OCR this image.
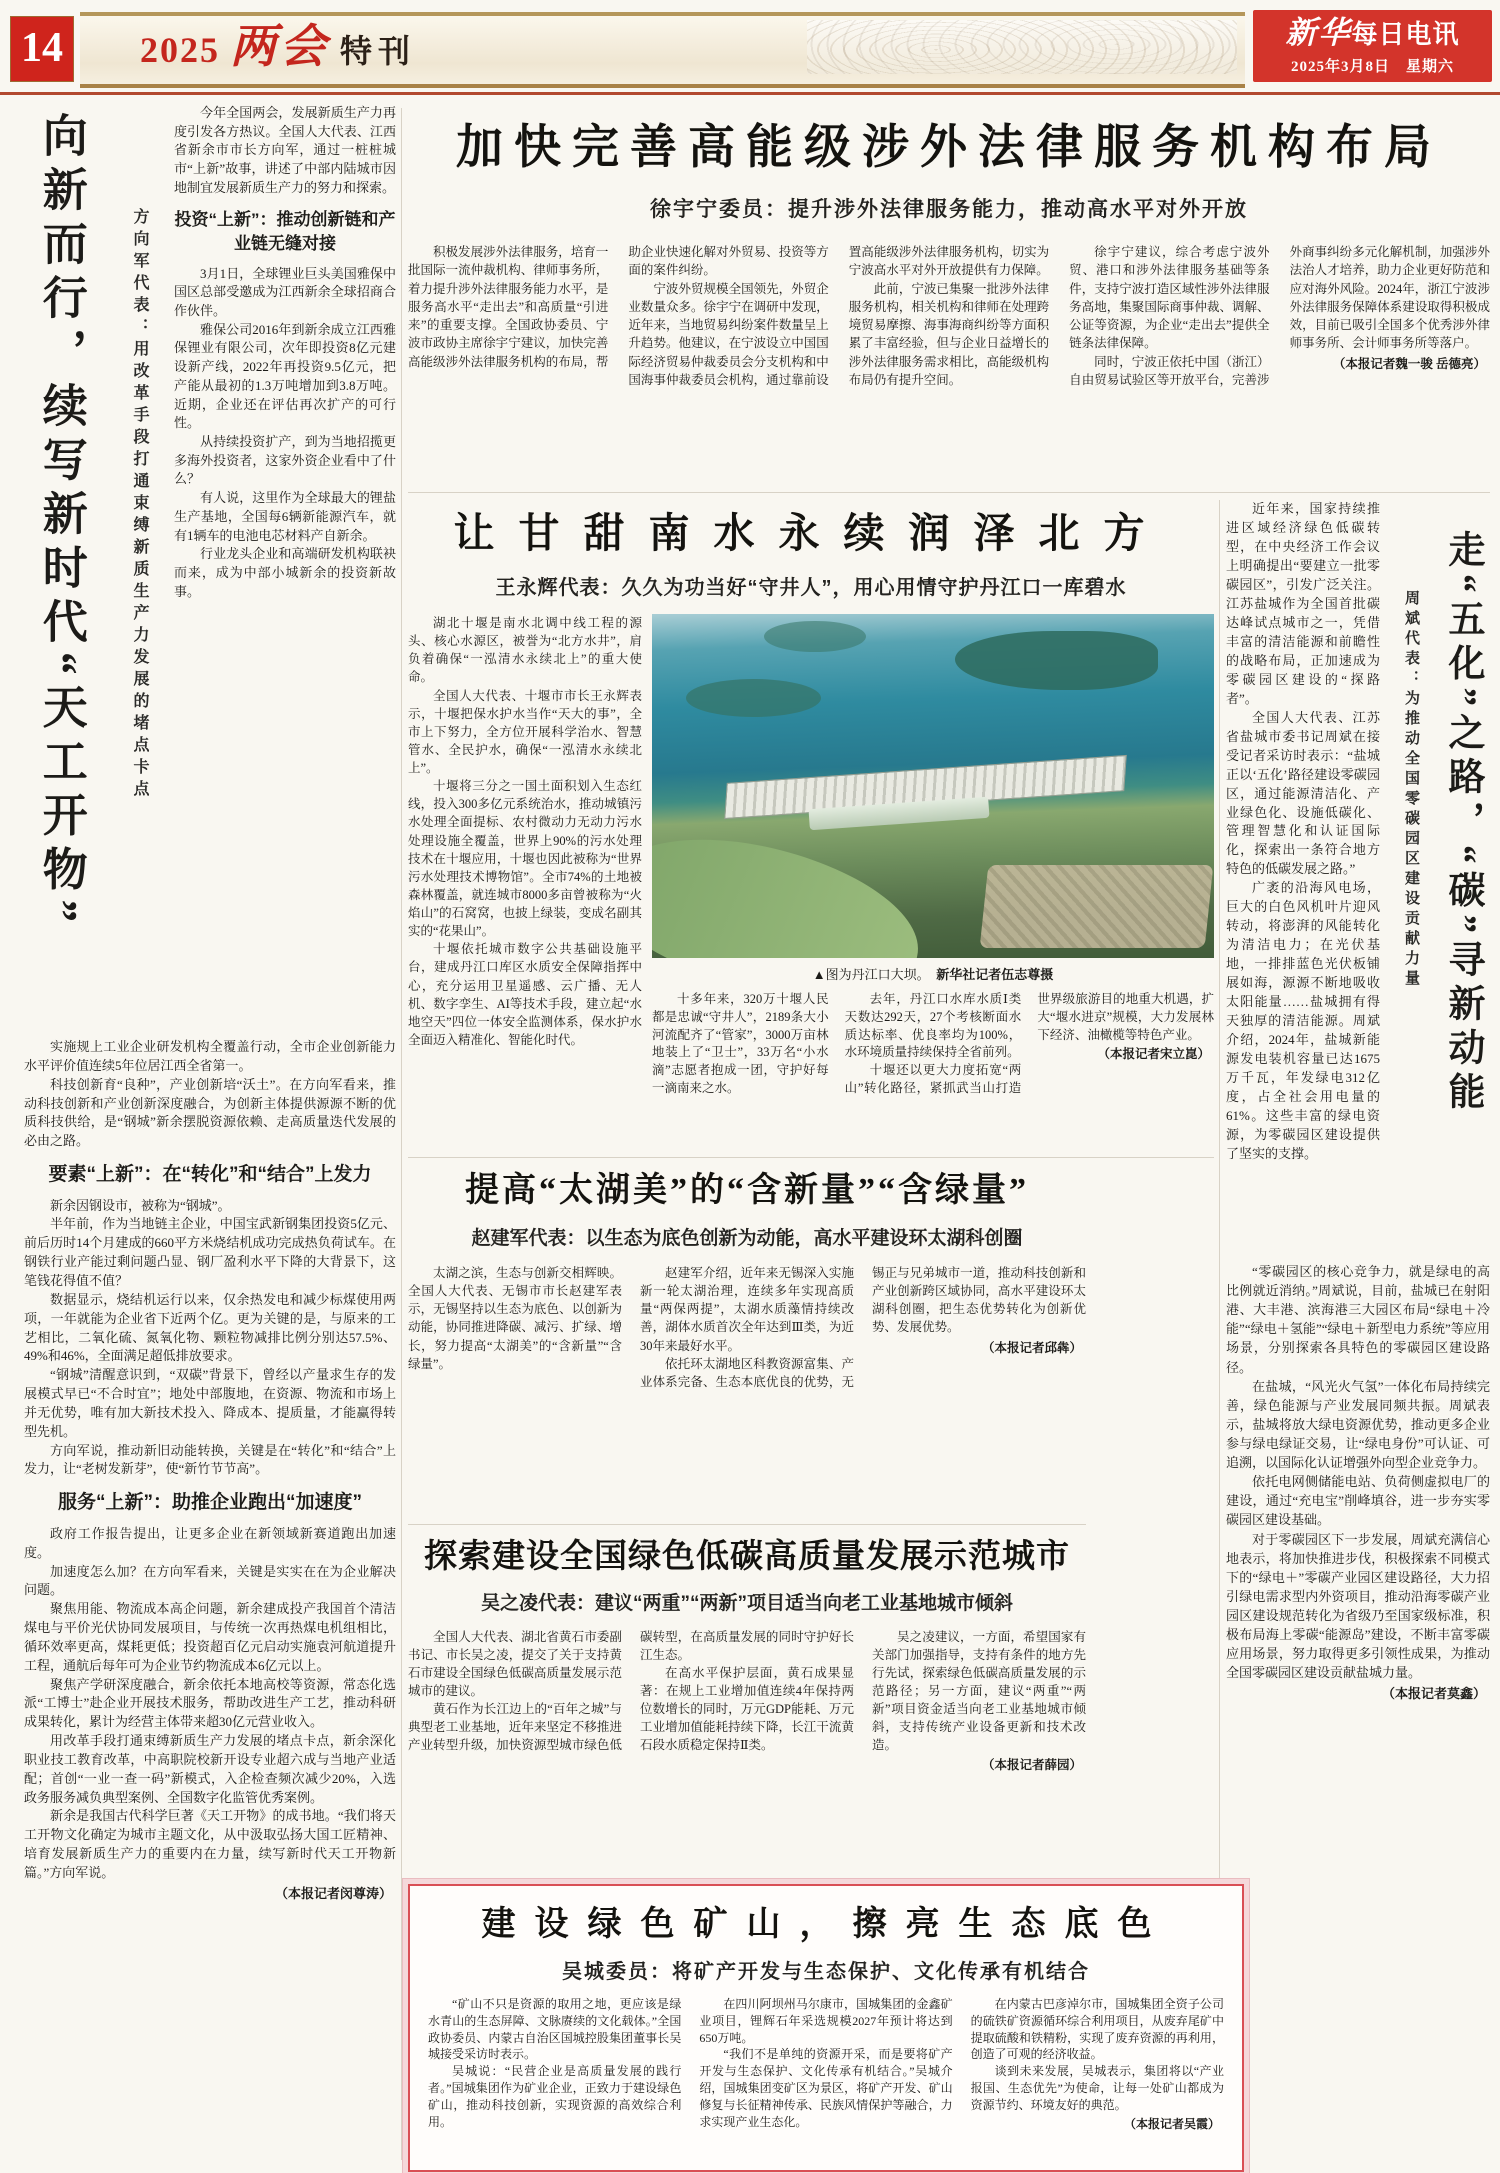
14	2025 两会 特刊
新华每日电讯
2025年3月8日　 星期六
向新而行，续写新时代“天工开物”	方向军代表：用改革手段打通束缚新质生产力发展的堵点卡点

今年全国两会，发展新质生产力再度引发各方热议。全国人大代表、江西省新余市市长方向军，通过一桩桩城市“上新”故事，讲述了中部内陆城市因地制宜发展新质生产力的努力和探索。

投资“上新”：推动创新链和产业链无缝对接

3月1日，全球锂业巨头美国雅保中国区总部受邀成为江西新余全球招商合作伙伴。

雅保公司2016年到新余成立江西雅保锂业有限公司，次年即投资8亿元建设新产线，2022年再投资9.5亿元，把产能从最初的1.3万吨增加到3.8万吨。近期，企业还在评估再次扩产的可行性。

从持续投资扩产，到为当地招揽更多海外投资者，这家外资企业看中了什么？

有人说，这里作为全球最大的锂盐生产基地，全国每6辆新能源汽车，就有1辆车的电池电芯材料产自新余。

行业龙头企业和高端研发机构联袂而来，成为中部小城新余的投资新故事。

实施规上工业企业研发机构全覆盖行动，全市企业创新能力水平评价值连续5年位居江西全省第一。

科技创新育“良种”，产业创新培“沃土”。在方向军看来，推动科技创新和产业创新深度融合，为创新主体提供源源不断的优质科技供给，是“钢城”新余摆脱资源依赖、走高质量迭代发展的必由之路。

要素“上新”：在“转化”和“结合”上发力

新余因钢设市，被称为“钢城”。

半年前，作为当地链主企业，中国宝武新钢集团投资5亿元、前后历时14个月建成的660平方米烧结机成功完成热负荷试车。在钢铁行业产能过剩问题凸显、钢厂盈利水平下降的大背景下，这笔钱花得值不值？

数据显示，烧结机运行以来，仅余热发电和减少标煤使用两项，一年就能为企业省下近两个亿。更为关键的是，与原来的工艺相比，二氧化硫、氮氧化物、颗粒物减排比例分别达57.5%、49%和46%，全面满足超低排放要求。

“钢城”清醒意识到，“双碳”背景下，曾经以产量求生存的发展模式早已“不合时宜”；地处中部腹地，在资源、物流和市场上并无优势，唯有加大新技术投入、降成本、提质量，才能赢得转型先机。

方向军说，推动新旧动能转换，关键是在“转化”和“结合”上发力，让“老树发新芽”，使“新竹节节高”。

服务“上新”：助推企业跑出“加速度”

政府工作报告提出，让更多企业在新领域新赛道跑出加速度。

加速度怎么加？在方向军看来，关键是实实在在为企业解决问题。

聚焦用能、物流成本高企问题，新余建成投产我国首个清洁煤电与平价光伏协同发展项目，与传统一次再热煤电机组相比，循环效率更高，煤耗更低；投资超百亿元启动实施袁河航道提升工程，通航后每年可为企业节约物流成本6亿元以上。

聚焦产学研深度融合，新余依托本地高校等资源，常态化选派“工博士”赴企业开展技术服务，帮助改进生产工艺，推动科研成果转化，累计为经营主体带来超30亿元营业收入。

用改革手段打通束缚新质生产力发展的堵点卡点，新余深化职业技工教育改革，中高职院校新开设专业超六成与当地产业适配；首创“一业一查一码”新模式，入企检查频次减少20%，入选政务服务减负典型案例、全国数字化监管优秀案例。

新余是我国古代科学巨著《天工开物》的成书地。“我们将天工开物文化确定为城市主题文化，从中汲取弘扬大国工匠精神、培育发展新质生产力的重要内在力量，续写新时代天工开物新篇。”方向军说。

（本报记者闵尊涛）
加快完善高能级涉外法律服务机构布局
徐宇宁委员：提升涉外法律服务能力，推动高水平对外开放

积极发展涉外法律服务，培育一批国际一流仲裁机构、律师事务所，着力提升涉外法律服务能力水平，是服务高水平“走出去”和高质量“引进来”的重要支撑。全国政协委员、宁波市政协主席徐宇宁建议，加快完善高能级涉外法律服务机构的布局，帮助企业快速化解对外贸易、投资等方面的案件纠纷。

宁波外贸规模全国领先，外贸企业数量众多。徐宇宁在调研中发现，近年来，当地贸易纠纷案件数量呈上升趋势。他建议，在宁波设立中国国际经济贸易仲裁委员会分支机构和中国海事仲裁委员会机构，通过靠前设置高能级涉外法律服务机构，切实为宁波高水平对外开放提供有力保障。

此前，宁波已集聚一批涉外法律服务机构，相关机构和律师在处理跨境贸易摩擦、海事海商纠纷等方面积累了丰富经验，但与企业日益增长的涉外法律服务需求相比，高能级机构布局仍有提升空间。

徐宇宁建议，综合考虑宁波外贸、港口和涉外法律服务基础等条件，支持宁波打造区域性涉外法律服务高地，集聚国际商事仲裁、调解、公证等资源，为企业“走出去”提供全链条法律保障。

同时，宁波正依托中国（浙江）自由贸易试验区等开放平台，完善涉外商事纠纷多元化解机制，加强涉外法治人才培养，助力企业更好防范和应对海外风险。2024年，浙江宁波涉外法律服务保障体系建设取得积极成效，目前已吸引全国多个优秀涉外律师事务所、会计师事务所等落户。

（本报记者魏一骏 岳德亮）
让甘甜南水永续润泽北方
王永辉代表：久久为功当好“守井人”，用心用情守护丹江口一库碧水

湖北十堰是南水北调中线工程的源头、核心水源区，被誉为“北方水井”，肩负着确保“一泓清水永续北上”的重大使命。

全国人大代表、十堰市市长王永辉表示，十堰把保水护水当作“天大的事”，全市上下努力，全方位开展科学治水、智慧管水、全民护水，确保“一泓清水永续北上”。

十堰将三分之一国土面积划入生态红线，投入300多亿元系统治水，推动城镇污水处理全面提标、农村微动力无动力污水处理设施全覆盖，世界上90%的污水处理技术在十堰应用，十堰也因此被称为“世界污水处理技术博物馆”。全市74%的土地被森林覆盖，就连城市8000多亩曾被称为“火焰山”的石窝窝，也披上绿装，变成名副其实的“花果山”。

十堰依托城市数字公共基础设施平台，建成丹江口库区水质安全保障指挥中心，充分运用卫星遥感、云广播、无人机、数字孪生、AI等技术手段，建立起“水地空天”四位一体安全监测体系，保水护水全面迈入精准化、智能化时代。

▲图为丹江口大坝。　 新华社记者伍志尊摄

十多年来，320万十堰人民都是忠诚“守井人”，2189条大小河流配齐了“管家”，3000万亩林地装上了“卫士”，33万名“小水滴”志愿者抱成一团，守护好每一滴南来之水。

去年，丹江口水库水质Ⅰ类天数达292天，27个考核断面水质达标率、优良率均为100%，水环境质量持续保持全省前列。

十堰还以更大力度拓宽“两山”转化路径，紧抓武当山打造世界级旅游目的地重大机遇，扩大“堰水进京”规模，大力发展林下经济、油橄榄等特色产业。

（本报记者宋立崑）
提高“太湖美”的“含新量”“含绿量”
赵建军代表：以生态为底色创新为动能，高水平建设环太湖科创圈

太湖之滨，生态与创新交相辉映。全国人大代表、无锡市市长赵建军表示，无锡坚持以生态为底色、以创新为动能，协同推进降碳、减污、扩绿、增长，努力提高“太湖美”的“含新量”“含绿量”。

赵建军介绍，近年来无锡深入实施新一轮太湖治理，连续多年实现高质量“两保两提”，太湖水质藻情持续改善，湖体水质首次全年达到Ⅲ类，为近30年来最好水平。

依托环太湖地区科教资源富集、产业体系完备、生态本底优良的优势，无锡正与兄弟城市一道，推动科技创新和产业创新跨区域协同，高水平建设环太湖科创圈，把生态优势转化为创新优势、发展优势。

（本报记者邱犇）
探索建设全国绿色低碳高质量发展示范城市
吴之凌代表：建议“两重”“两新”项目适当向老工业基地城市倾斜

全国人大代表、湖北省黄石市委副书记、市长吴之凌，提交了关于支持黄石市建设全国绿色低碳高质量发展示范城市的建议。

黄石作为长江边上的“百年之城”与典型老工业基地，近年来坚定不移推进产业转型升级，加快资源型城市绿色低碳转型，在高质量发展的同时守护好长江生态。

在高水平保护层面，黄石成果显著：在规上工业增加值连续4年保持两位数增长的同时，万元GDP能耗、万元工业增加值能耗持续下降，长江干流黄石段水质稳定保持Ⅱ类。

吴之凌建议，一方面，希望国家有关部门加强指导，支持有条件的地方先行先试，探索绿色低碳高质量发展的示范路径；另一方面，建议“两重”“两新”项目资金适当向老工业基地城市倾斜，支持传统产业设备更新和技术改造。

（本报记者薛园）
建设绿色矿山，擦亮生态底色
吴城委员：将矿产开发与生态保护、文化传承有机结合

“矿山不只是资源的取用之地，更应该是绿水青山的生态屏障、文脉赓续的文化载体。”全国政协委员、内蒙古自治区国城控股集团董事长吴城接受采访时表示。

吴城说：“民营企业是高质量发展的践行者。”国城集团作为矿业企业，正致力于建设绿色矿山，推动科技创新，实现资源的高效综合利用。

在四川阿坝州马尔康市，国城集团的金鑫矿业项目，锂辉石年采选规模2027年预计将达到650万吨。

“我们不是单纯的资源开采，而是要将矿产开发与生态保护、文化传承有机结合。”吴城介绍，国城集团变矿区为景区，将矿产开发、矿山修复与长征精神传承、民族风情保护等融合，力求实现产业生态化。

在内蒙古巴彦淖尔市，国城集团全资子公司的硫铁矿资源循环综合利用项目，从废弃尾矿中提取硫酸和铁精粉，实现了废弃资源的再利用，创造了可观的经济收益。

谈到未来发展，吴城表示，集团将以“产业报国、生态优先”为使命，让每一处矿山都成为资源节约、环境友好的典范。

（本报记者吴霞）

近年来，国家持续推进区域经济绿色低碳转型，在中央经济工作会议上明确提出“要建立一批零碳园区”，引发广泛关注。江苏盐城作为全国首批碳达峰试点城市之一，凭借丰富的清洁能源和前瞻性的战略布局，正加速成为零碳园区建设的“探路者”。

全国人大代表、江苏省盐城市委书记周斌在接受记者采访时表示：“盐城正以‘五化’路径建设零碳园区，通过能源清洁化、产业绿色化、设施低碳化、管理智慧化和认证国际化，探索出一条符合地方特色的低碳发展之路。”

广袤的沿海风电场，巨大的白色风机叶片迎风转动，将澎湃的风能转化为清洁电力；在光伏基地，一排排蓝色光伏板铺展如海，源源不断地吸收太阳能量……盐城拥有得天独厚的清洁能源。周斌介绍，2024年，盐城新能源发电装机容量已达1675万千瓦，年发绿电312亿度，占全社会用电量的61%。这些丰富的绿电资源，为零碳园区建设提供了坚实的支撑。

走“五化”之路，“碳”寻新动能
周斌代表：为推动全国零碳园区建设贡献力量

“零碳园区的核心竞争力，就是绿电的高比例就近消纳。”周斌说，目前，盐城已在射阳港、大丰港、滨海港三大园区布局“绿电＋冷能”“绿电＋氢能”“绿电＋新型电力系统”等应用场景，分别探索各具特色的零碳园区建设路径。

在盐城，“风光火气氢”一体化布局持续完善，绿色能源与产业发展同频共振。周斌表示，盐城将放大绿电资源优势，推动更多企业参与绿电绿证交易，让“绿电身份”可认证、可追溯，以国际化认证增强外向型企业竞争力。

依托电网侧储能电站、负荷侧虚拟电厂的建设，通过“充电宝”削峰填谷，进一步夯实零碳园区建设基础。

对于零碳园区下一步发展，周斌充满信心地表示，将加快推进步伐，积极探索不同模式下的“绿电＋”零碳产业园区建设路径，大力招引绿电需求型内外资项目，推动沿海零碳产业园区建设规范转化为省级乃至国家级标准，积极布局海上零碳“能源岛”建设，不断丰富零碳应用场景，努力取得更多引领性成果，为推动全国零碳园区建设贡献盐城力量。

（本报记者莫鑫）
